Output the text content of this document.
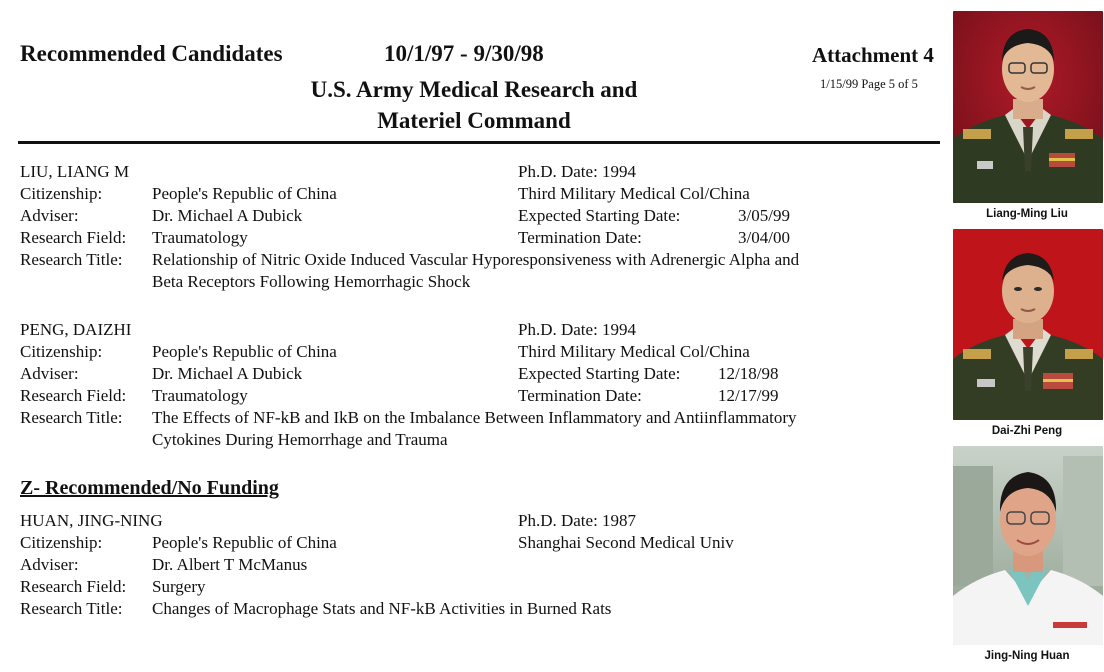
Recommended Candidates	10/1/97 - 9/30/98	Attachment 4
1/15/99 Page 5 of 5
U.S. Army Medical Research and
Materiel Command
LIU, LIANG M	Ph.D. Date: 1994
Citizenship:	People's Republic of China	Third Military Medical Col/China
Adviser:	Dr. Michael A Dubick	Expected Starting Date:	3/05/99
Research Field: Traumatology	Termination Date:	3/04/00
Research Title: Relationship of Nitric Oxide Induced Vascular Hyporesponsiveness with Adrenergic Alpha and
Beta Receptors Following Hemorrhagic Shock
PENG, DAIZHI	Ph.D. Date: 1994
Citizenship:	People's Republic of China	Third Military Medical Col/China
Adviser:	Dr. Michael A Dubick	Expected Starting Date: 12/18/98
Research Field: Traumatology	Termination Date:	12/17/99
Research Title: The Effects of NF-kB and IkB on the Imbalance Between Inflammatory and Antiinflammatory
Cytokines During Hemorrhage and Trauma
Z- Recommended/No Funding
HUAN, JING-NING	Ph.D. Date: 1987
Citizenship:	People's Republic of China	Shanghai Second Medical Univ
Adviser:	Dr. Albert T McManus
Research Field: Surgery
Research Title: Changes of Macrophage Stats and NF-kB Activities in Burned Rats
Liang-Ming Liu
Dai-Zhi Peng
Jing-Ning Huan
